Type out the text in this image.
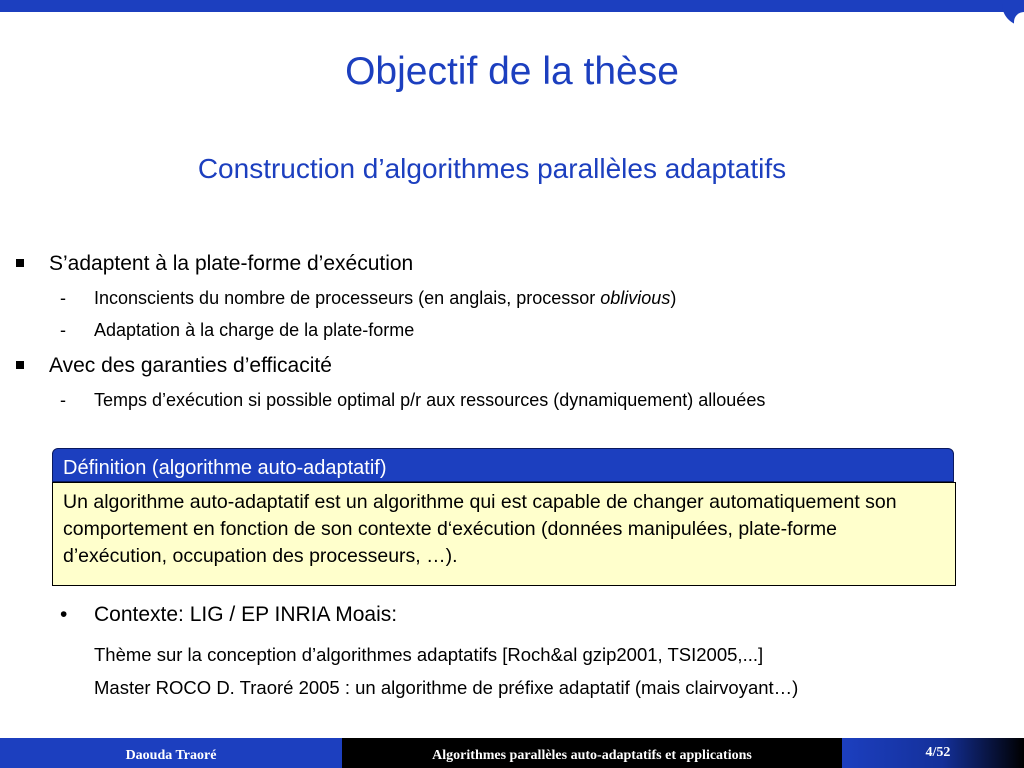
Objectif de la thèse
Construction d’algorithmes parallèles adaptatifs
S’adaptent à la plate-forme d’exécution
- Inconscients du nombre de processeurs (en anglais, processor oblivious)
- Adaptation à la charge de la plate-forme
Avec des garanties d’efficacité
- Temps d’exécution si possible optimal p/r aux ressources (dynamiquement) allouées
Définition (algorithme auto-adaptatif)
Un algorithme auto-adaptatif est un algorithme qui est capable de changer automatiquement son comportement en fonction de son contexte d‘exécution (données manipulées, plate-forme d’exécution, occupation des processeurs, …).
• Contexte: LIG / EP INRIA Moais:
Thème sur la conception d’algorithmes adaptatifs [Roch&al gzip2001, TSI2005,...]
Master ROCO D. Traoré 2005 : un algorithme de préfixe adaptatif (mais clairvoyant…)
Daouda Traoré	Algorithmes parallèles auto-adaptatifs et applications	4/52
